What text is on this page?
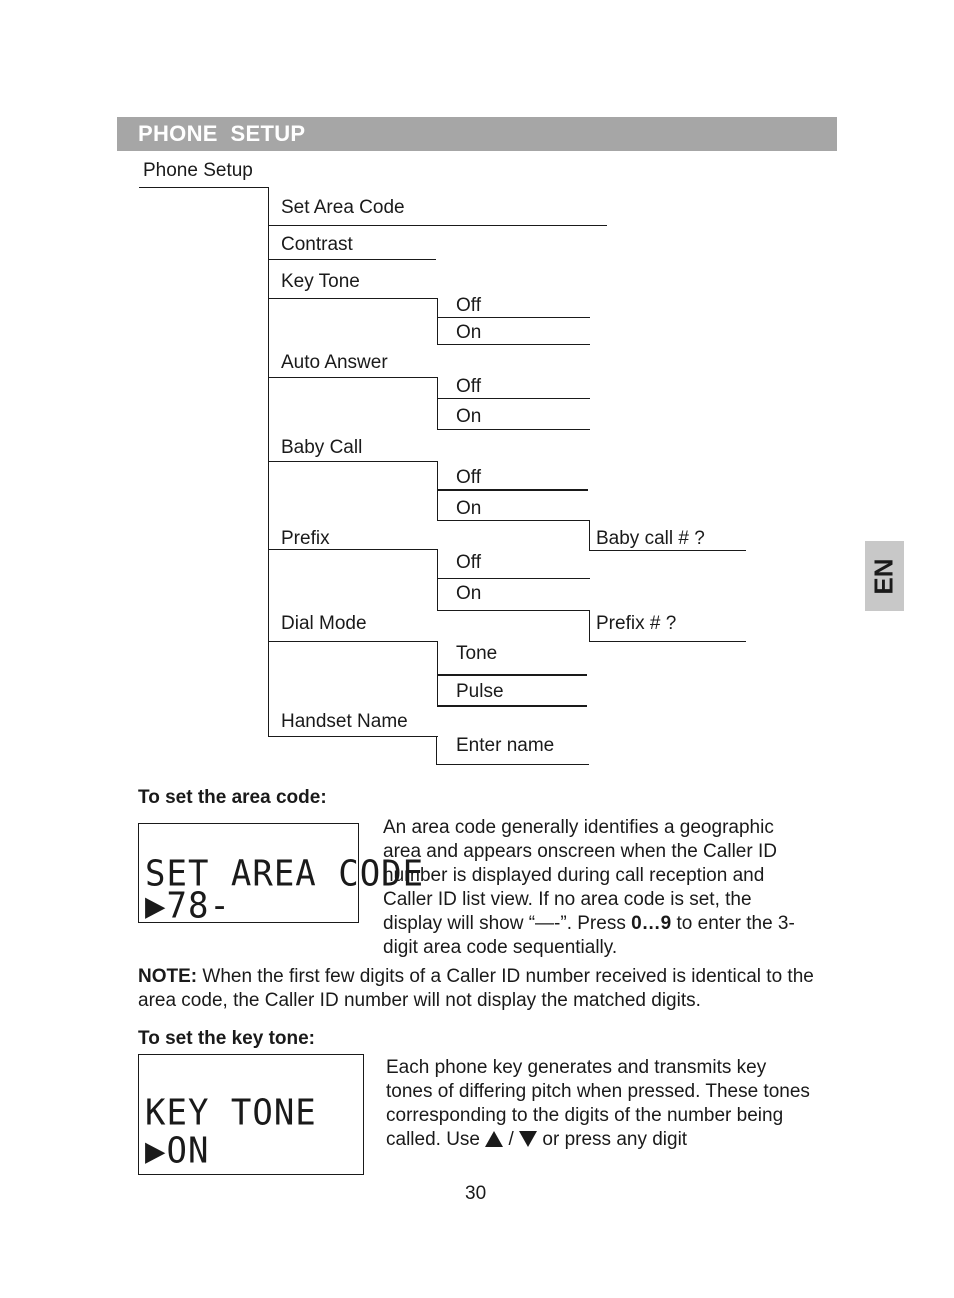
PHONE  SETUP
EN
Phone Setup
Set Area Code
Contrast
Key Tone
Off
On
Auto Answer
Off
On
Baby Call
Off
On
Baby call # ?
Prefix
Off
On
Prefix # ?
Dial Mode
Tone
Pulse
Handset Name
Enter name
To set the area code:
SET AREA CODE
▶78-
An area code generally identifies a geographic area and appears onscreen when the Caller ID number is displayed during call reception and Caller ID list view. If no area code is set, the display will show “—-”. Press 0…9 to enter the 3-digit area code sequentially.
NOTE: When the first few digits of a Caller ID number received is identical to the area code, the Caller ID number will not display the matched digits.
To set the key tone:
KEY TONE
▶ON
Each phone key generates and transmits key tones of differing pitch when pressed. These tones corresponding to the digits of the number being called. Use  /  or press any digit
30
